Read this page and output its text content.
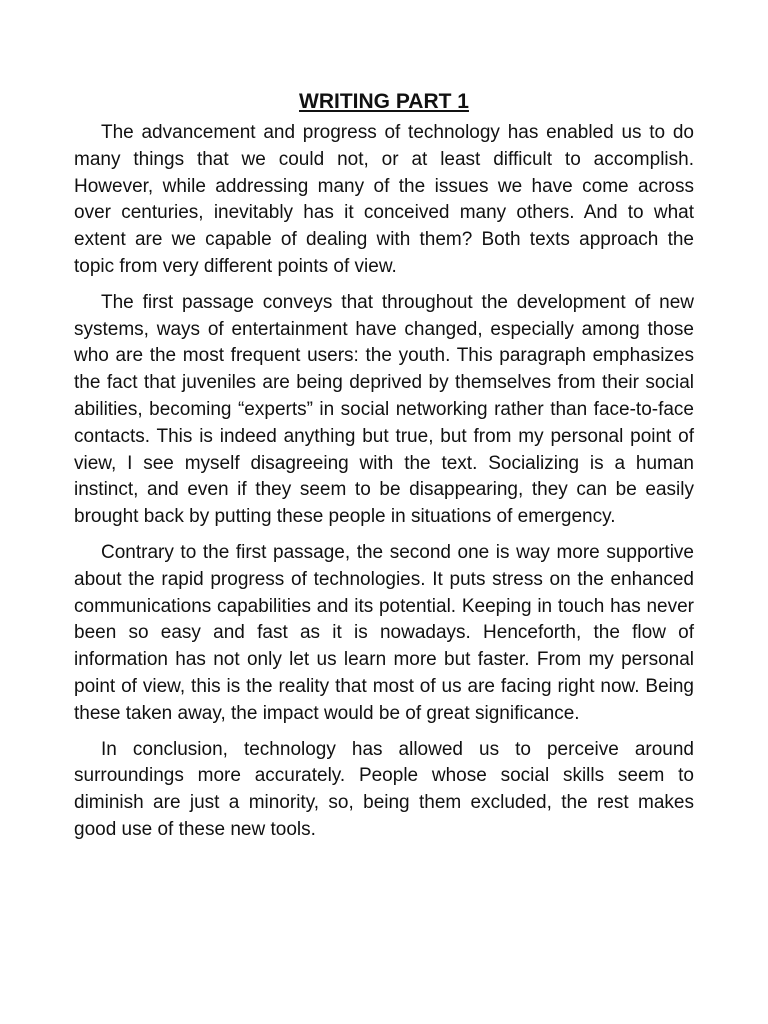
WRITING PART 1

The advancement and progress of technology has enabled us to do many things that we could not, or at least difficult to accomplish. However, while addressing many of the issues we have come across over centuries, inevitably has it conceived many others. And to what extent are we capable of dealing with them? Both texts approach the topic from very different points of view.

The first passage conveys that throughout the development of new systems, ways of entertainment have changed, especially among those who are the most frequent users: the youth. This paragraph emphasizes the fact that juveniles are being deprived by themselves from their social abilities, becoming “experts” in social networking rather than face-to-face contacts. This is indeed anything but true, but from my personal point of view, I see myself disagreeing with the text. Socializing is a human instinct, and even if they seem to be disappearing, they can be easily brought back by putting these people in situations of emergency.

Contrary to the first passage, the second one is way more supportive about the rapid progress of technologies. It puts stress on the enhanced communications capabilities and its potential. Keeping in touch has never been so easy and fast as it is nowadays. Henceforth, the flow of information has not only let us learn more but faster. From my personal point of view, this is the reality that most of us are facing right now. Being these taken away, the impact would be of great significance.

In conclusion, technology has allowed us to perceive around surroundings more accurately. People whose social skills seem to diminish are just a minority, so, being them excluded, the rest makes good use of these new tools.
